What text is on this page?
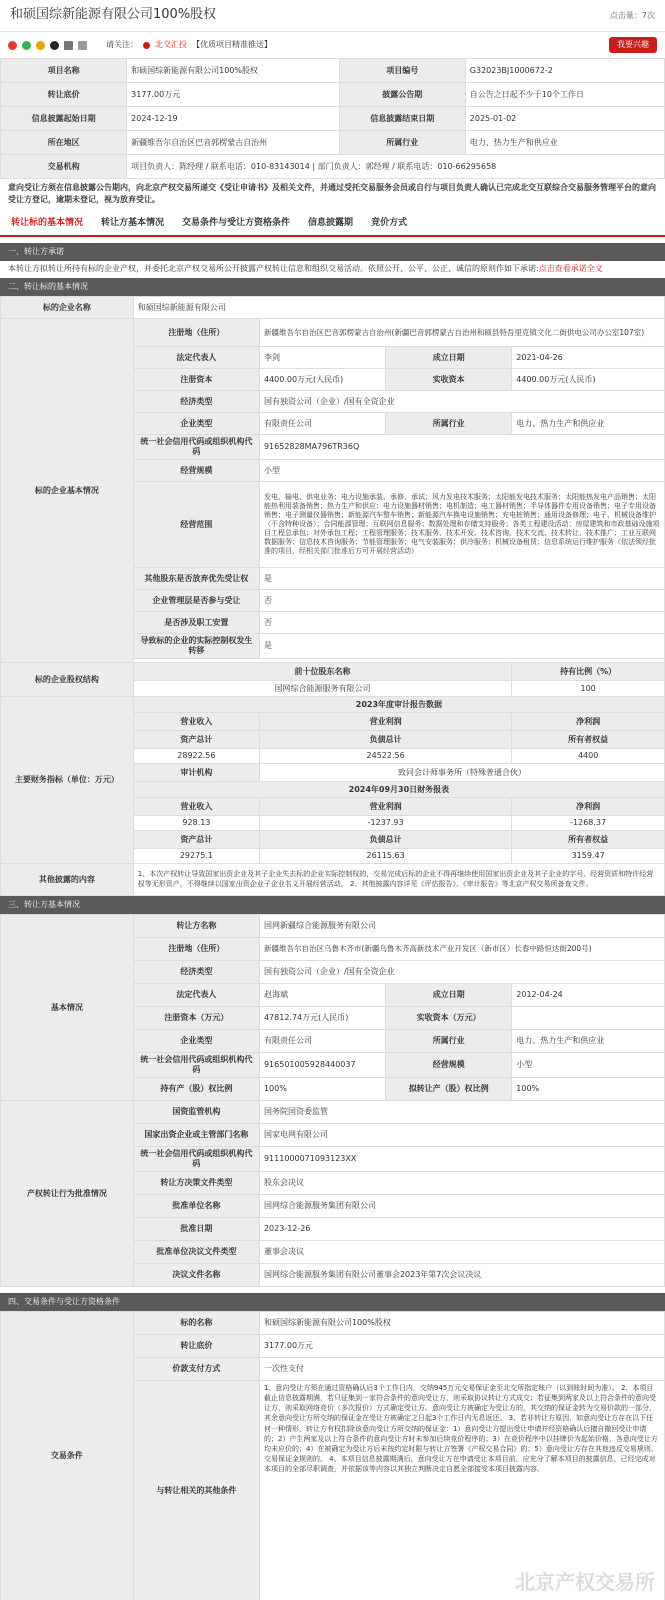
和硕国综新能源有限公司100%股权	点击量：7次
请关注： 北交汇投 【优质项目精准推送】	我要兴趣
项目名称	和硕国综新能源有限公司100%股权	项目编号	G32023BJ1000672-2
转让底价	3177.00万元	披露公告期	自公告之日起不少于10个工作日
信息披露起始日期	2024-12-19	信息披露结束日期	2025-01-02
所在地区	新疆维吾尔自治区巴音郭楞蒙古自治州	所属行业	电力、热力生产和供应业
交易机构	项目负责人：陈经理 / 联系电话：010-83143014 | 部门负责人：郭经理 / 联系电话：010-66295658		
意向受让方须在信息披露公告期内，向北京产权交易所递交《受让申请书》及相关文件，并通过受托交易服务会员或自行与项目负责人确认已完成北交互联综合交易服务管理平台的意向受让方登记，逾期未登记，视为放弃受让。
转让标的基本情况	转让方基本情况	交易条件与受让方资格条件	信息披露期	竞价方式
一、转让方承诺
本转让方拟转让所持有标的企业产权，并委托北京产权交易所公开披露产权转让信息和组织交易活动。依照公开、公平、公正、诚信的原则作如下承诺:点击查看承诺全文
二、转让标的基本情况
标的企业名称	和硕国综新能源有限公司			
标的企业基本情况	注册地（住所）	新疆维吾尔自治区巴音郭楞蒙古自治州(新疆巴音郭楞蒙古自治州和硕县特吾里克镇文化二街供电公司办公室107室)		
	法定代表人	李剑	成立日期	2021-04-26
	注册资本	4400.00万元(人民币)	实收资本	4400.00万元(人民币)
	经济类型	国有独资公司（企业）/国有全资企业		
	企业类型	有限责任公司	所属行业	电力、热力生产和供应业
	统一社会信用代码或组织机构代码	91652828MA796TR36Q		
	经营规模	小型		
	经营范围	发电、输电、供电业务；电力设施承装、承修、承试；风力发电技术服务；太阳能发电技术服务；太阳能热发电产品销售；太阳能热利用装备销售；热力生产和供应；电力设施器材销售；电机制造；电工器材销售；半导体器件专用设备销售；电子专用设备销售；电子测量仪器销售；新能源汽车整车销售；新能源汽车换电设施销售；充电桩销售；通用设备修理；电子、机械设备维护（不含特种设备）；合同能源管理；互联网信息服务；数据处理和存储支持服务；各类工程建设活动；房屋建筑和市政基础设施项目工程总承包；对外承包工程；工程管理服务；技术服务、技术开发、技术咨询、技术交流、技术转让、技术推广；工业互联网数据服务；信息技术咨询服务；节能管理服务；电气安装服务；供冷服务；机械设备租赁；信息系统运行维护服务（依法须经批准的项目，经相关部门批准后方可开展经营活动）		
	其他股东是否放弃优先受让权	是		
	企业管理层是否参与受让	否		
	是否涉及职工安置	否		
	导致标的企业的实际控制权发生转移	是		

标的企业股权结构	前十位股东名称			持有比例（%）
	国网综合能源服务有限公司			100
主要财务指标（单位：万元）	2023年度审计报告数据			
	营业收入	营业利润		净利润
	资产总计	负债总计		所有者权益
	28922.56	24522.56		4400
	审计机构	致同会计师事务所（特殊普通合伙）		
	2024年09月30日财务报表			
	营业收入	营业利润		净利润
	928.13	-1237.93		-1268.37
	资产总计	负债总计		所有者权益
	29275.1	26115.63		3159.47
其他披露的内容	1、本次产权转让导致国家出资企业及其子企业失去标的企业实际控制权的，交易完成后标的企业不得再继续使用国家出资企业及其子企业的字号、经营资质和特许经营权等无形资产，不得继续以国家出资企业子企业名义开展经营活动。 2、其他披露内容详见《评估报告》、《审计报告》等北京产权交易所备查文件。			
三、转让方基本情况
基本情况	转让方名称	国网新疆综合能源服务有限公司		
	注册地（住所）	新疆维吾尔自治区乌鲁木齐市(新疆乌鲁木齐高新技术产业开发区（新市区）长春中路恒达街200号)		
	经济类型	国有独资公司（企业）/国有全资企业		
	法定代表人	赵海斌	成立日期	2012-04-24
	注册资本（万元）	47812.74万元(人民币)	实收资本（万元）	
	企业类型	有限责任公司	所属行业	电力、热力生产和供应业
	统一社会信用代码或组织机构代码	916501005928440037	经营规模	小型
	持有产（股）权比例	100%	拟转让产（股）权比例	100%
产权转让行为批准情况	国资监管机构	国务院国资委监管		
	国家出资企业或主管部门名称	国家电网有限公司		
	统一社会信用代码或组织机构代码	9111000071093123XX		
	转让方决策文件类型	股东会决议		
	批准单位名称	国网综合能源服务集团有限公司		
	批准日期	2023-12-26		
	批准单位决议文件类型	董事会决议		
	决议文件名称	国网综合能源服务集团有限公司董事会2023年第7次会议决议		
四、交易条件与受让方资格条件
交易条件	标的名称	和硕国综新能源有限公司100%股权
	转让底价	3177.00万元
	价款支付方式	一次性支付
	与转让相关的其他条件	1、意向受让方须在通过资格确认后3个工作日内，交纳945万元交易保证金至北交所指定账户（以到账时间为准）。 2、本项目截止信息披露期满，若只征集到一家符合条件的意向受让方，则采取协议转让方式成交；若征集到两家及以上符合条件的意向受让方，则采取网络竞价（多次报价）方式确定受让方。意向受让方被确定为受让方的，其交纳的保证金转为交易价款的一部分，其余意向受让方所交纳的保证金在受让方被确定之日起3个工作日内无息返还。 3、若非转让方原因，如意向受让方存在以下任何一种情形，转让方有权扣除该意向受让方所交纳的保证金：1）意向受让方提出受让申请并经资格确认后擅自撤回受让申请的；2）产生两家及以上符合条件的意向受让方时未参加后续竞价程序的；3）在竞价程序中以挂牌价为起始价格，各意向受让方均未应价的；4）在被确定为受让方后未按约定时限与转让方签署《产权交易合同》的；5）意向受让方存在其他违反交易规则、交易保证金规则的。 4、本项目信息披露期满后，意向受让方在申请受让本项目前，应充分了解本项目的披露信息，已经完成对本项目的全部尽职调查，并依据该等内容以其独立判断决定自愿全部接受本项目披露内容。
北京产权交易所
